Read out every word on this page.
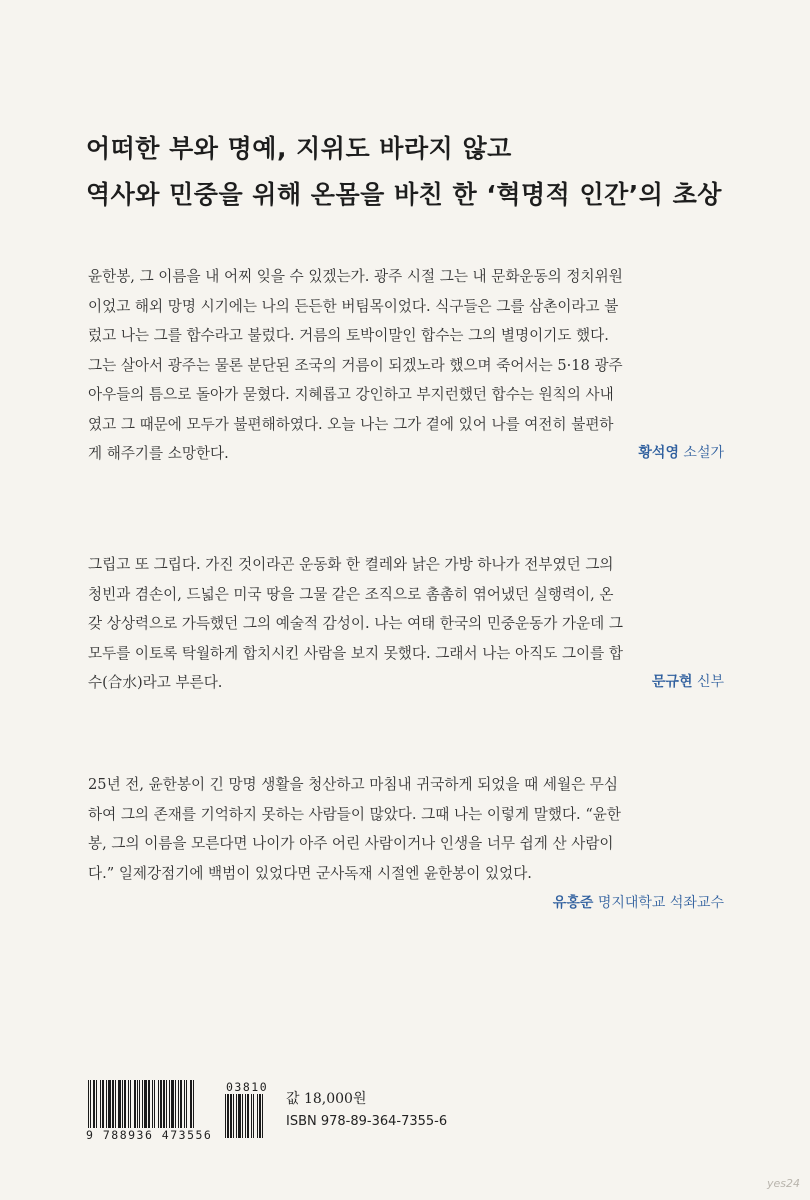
어떠한 부와 명예, 지위도 바라지 않고
역사와 민중을 위해 온몸을 바친 한 ‘혁명적 인간’의 초상

윤한봉, 그 이름을 내 어찌 잊을 수 있겠는가. 광주 시절 그는 내 문화운동의 정치위원
이었고 해외 망명 시기에는 나의 든든한 버팀목이었다. 식구들은 그를 삼촌이라고 불
렀고 나는 그를 합수라고 불렀다. 거름의 토박이말인 합수는 그의 별명이기도 했다.
그는 살아서 광주는 물론 분단된 조국의 거름이 되겠노라 했으며 죽어서는 5·18 광주
아우들의 틈으로 돌아가 묻혔다. 지혜롭고 강인하고 부지런했던 합수는 원칙의 사내
였고 그 때문에 모두가 불편해하였다. 오늘 나는 그가 곁에 있어 나를 여전히 불편하
게 해주기를 소망한다.	황석영 소설가

그립고 또 그립다. 가진 것이라곤 운동화 한 켤레와 낡은 가방 하나가 전부였던 그의
청빈과 겸손이, 드넓은 미국 땅을 그물 같은 조직으로 촘촘히 엮어냈던 실행력이, 온
갖 상상력으로 가득했던 그의 예술적 감성이. 나는 여태 한국의 민중운동가 가운데 그
모두를 이토록 탁월하게 합치시킨 사람을 보지 못했다. 그래서 나는 아직도 그이를 합
수(合水)라고 부른다.	문규현 신부

25년 전, 윤한봉이 긴 망명 생활을 청산하고 마침내 귀국하게 되었을 때 세월은 무심
하여 그의 존재를 기억하지 못하는 사람들이 많았다. 그때 나는 이렇게 말했다. “윤한
봉, 그의 이름을 모른다면 나이가 아주 어린 사람이거나 인생을 너무 쉽게 산 사람이
다.” 일제강점기에 백범이 있었다면 군사독재 시절엔 윤한봉이 있었다.

유홍준 명지대학교 석좌교수
9 788936 473556
03810
값 18,000원
ISBN 978-89-364-7355-6
yes24
